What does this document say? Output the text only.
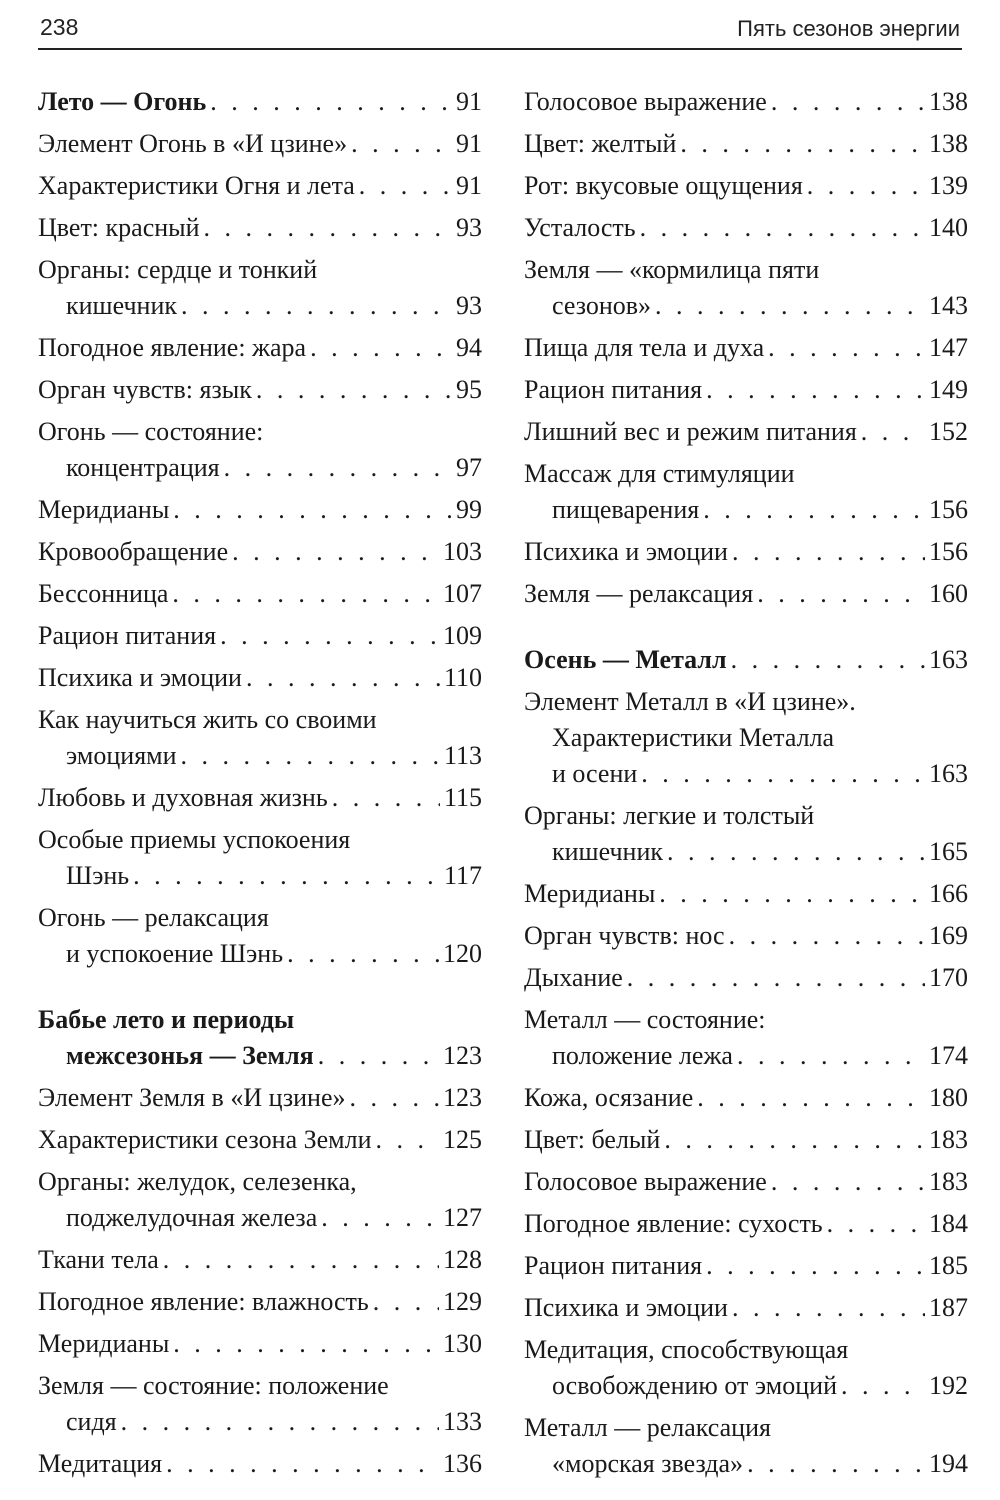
238	Пять сезонов энергии
Лето — Огонь . . .	91
Элемент Огонь в «И цзине» . . .	91
Характеристики Огня и лета . . .	91
Цвет: красный . . .	93
Органы: сердце и тонкий
кишечник . . .	93
Погодное явление: жара . . .	94
Орган чувств: язык . . .	95
Огонь — состояние:
концентрация . . .	97
Меридианы . . .	99
Кровообращение . . .	103
Бессонница . . .	107
Рацион питания . . .	109
Психика и эмоции . . .	110
Как научиться жить со своими
эмоциями . . .	113
Любовь и духовная жизнь . . .	115
Особые приемы успокоения
Шэнь . . .	117
Огонь — релаксация
и успокоение Шэнь . . .	120
Бабье лето и периоды
межсезонья — Земля . . .	123
Элемент Земля в «И цзине» . . .	123
Характеристики сезона Земли . . .	125
Органы: желудок, селезенка,
поджелудочная железа . . .	127
Ткани тела . . .	128
Погодное явление: влажность . . .	129
Меридианы . . .	130
Земля — состояние: положение
сидя . . .	133
Медитация . . .	136
Голосовое выражение . . .	138
Цвет: желтый . . .	138
Рот: вкусовые ощущения . . .	139
Усталость . . .	140
Земля — «кормилица пяти
сезонов» . . .	143
Пища для тела и духа . . .	147
Рацион питания . . .	149
Лишний вес и режим питания . . .	152
Массаж для стимуляции
пищеварения . . .	156
Психика и эмоции . . .	156
Земля — релаксация . . .	160
Осень — Металл . . .	163
Элемент Металл в «И цзине».
Характеристики Металла
и осени . . .	163
Органы: легкие и толстый
кишечник . . .	165
Меридианы . . .	166
Орган чувств: нос . . .	169
Дыхание . . .	170
Металл — состояние:
положение лежа . . .	174
Кожа, осязание . . .	180
Цвет: белый . . .	183
Голосовое выражение . . .	183
Погодное явление: сухость . . .	184
Рацион питания . . .	185
Психика и эмоции . . .	187
Медитация, способствующая
освобождению от эмоций . . .	192
Металл — релаксация
«морская звезда» . . .	194
